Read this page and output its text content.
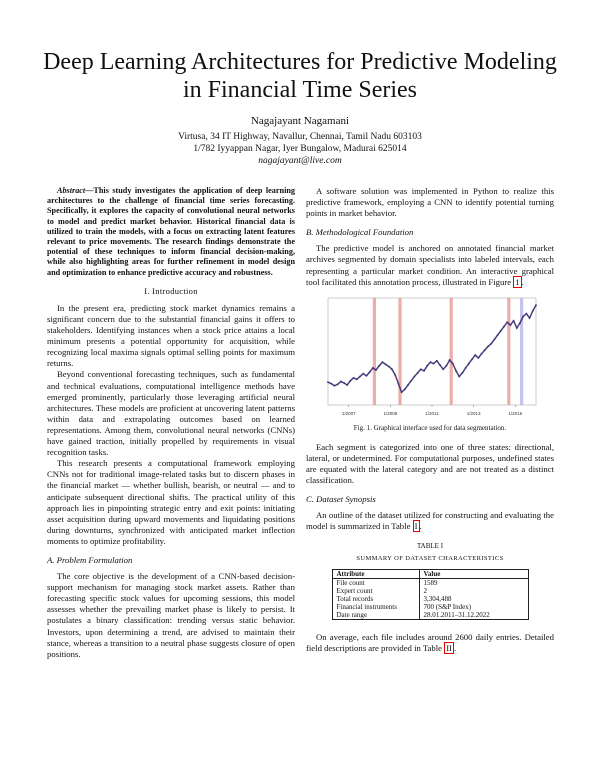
Deep Learning Architectures for Predictive Modeling in Financial Time Series
Nagajayant Nagamani
Virtusa, 34 IT Highway, Navallur, Chennai, Tamil Nadu 603103
1/782 Iyyappan Nagar, Iyer Bungalow, Madurai 625014
nagajayant@live.com

Abstract—This study investigates the application of deep learning architectures to the challenge of financial time series forecasting. Specifically, it explores the capacity of convolutional neural networks to model and predict market behavior. Historical financial data is utilized to train the models, with a focus on extracting latent features relevant to price movements. The research findings demonstrate the potential of these techniques to inform financial decision-making, while also highlighting areas for further refinement in model design and optimization to enhance predictive accuracy and robustness.

I. Introduction

In the present era, predicting stock market dynamics remains a significant concern due to the substantial financial gains it offers to stakeholders. Identifying instances when a stock price attains a local minimum presents a potential opportunity for acquisition, while recognizing local maxima signals optimal selling points for maximum returns.

Beyond conventional forecasting techniques, such as fundamental and technical evaluations, computational intelligence methods have emerged prominently, particularly those leveraging artificial neural architectures. These models are proficient at uncovering latent patterns within data and extrapolating outcomes based on learned representations. Among them, convolutional neural networks (CNNs) have gained traction, initially propelled by requirements in visual recognition tasks.

This research presents a computational framework employing CNNs not for traditional image-related tasks but to discern phases in the financial market — whether bullish, bearish, or neutral — and to anticipate subsequent directional shifts. The practical utility of this approach lies in pinpointing strategic entry and exit points: initiating asset acquisition during upward movements and liquidating positions during downturns, synchronized with anticipated market inflection moments to optimize profitability.

A. Problem Formulation

The core objective is the development of a CNN-based decision-support mechanism for managing stock market assets. Rather than forecasting specific stock values for upcoming sessions, this model assesses whether the prevailing market phase is likely to persist. It postulates a binary classification: trending versus static behavior. Investors, upon determining a trend, are advised to maintain their stance, whereas a transition to a neutral phase suggests closure of open positions.

A software solution was implemented in Python to realize this predictive framework, employing a CNN to identify potential turning points in market behavior.

B. Methodological Foundation

The predictive model is anchored on annotated financial market archives segmented by domain specialists into labeled intervals, each representing a particular market condition. An interactive graphical tool facilitated this annotation process, illustrated in Figure 1 .

1/2007	1/2009	1/2011	1/2013	1/2015
Fig. 1. Graphical interface used for data segmentation.

Each segment is categorized into one of three states: directional, lateral, or undetermined. For computational purposes, undefined states are equated with the lateral category and are not treated as a distinct classification.

C. Dataset Synopsis

An outline of the dataset utilized for constructing and evaluating the model is summarized in Table I .

TABLE I
SUMMARY OF DATASET CHARACTERISTICS
Attribute	Value
File count	1589
Expert count	2
Total records	3,304,488
Financial instruments	700 (S&P Index)
Date range	28.01.2011–31.12.2022

On average, each file includes around 2600 daily entries. Detailed field descriptions are provided in Table II .
